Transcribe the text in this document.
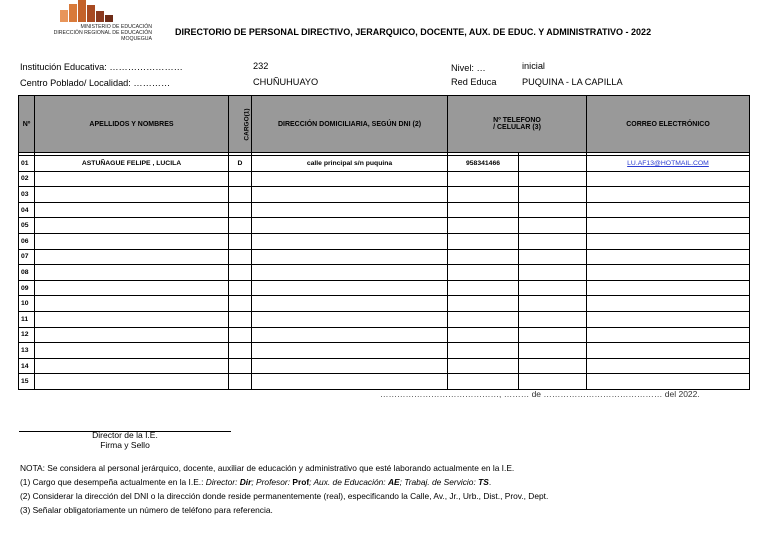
MINISTERIO DE EDUCACIÓN
DIRECCIÓN REGIONAL DE EDUCACIÓN
MOQUEGUA
DIRECTORIO DE PERSONAL DIRECTIVO, JERARQUICO, DOCENTE, AUX. DE EDUC. Y ADMINISTRATIVO - 2022
Institución Educativa: ……………………	232	Nivel: …	inicial
Centro Poblado/ Localidad: …………	CHUÑUHUAYO	Red Educa	PUQUINA - LA CAPILLA
Nº	APELLIDOS Y NOMBRES	CARGO(1)	DIRECCIÓN DOMICILIARIA, SEGÚN DNI (2)	Nº TELEFONO
/ CELULAR (3)		CORREO ELECTRÓNICO

01	ASTUÑAGUE FELIPE , LUCILA	D	calle principal s/n puquina	958341466		LU.AF13@HOTMAIL.COM
02						
03						
04						
05						
06						
07						
08						
09						
10						
11						
12						
13						
14						
15						
……………………………………, ……… de …………………………………… del 2022.
Director de la I.E.
Firma y Sello
NOTA: Se considera al personal jerárquico, docente, auxiliar de educación y administrativo que esté laborando actualmente en la I.E.
(1) Cargo que desempeña actualmente en la I.E.: Director: Dir; Profesor: Prof; Aux. de Educación: AE; Trabaj. de Servicio: TS.
(2) Considerar la dirección del DNI o la dirección donde reside permanentemente (real), especificando la Calle, Av., Jr., Urb., Dist., Prov., Dept.
(3) Señalar obligatoriamente un número de teléfono para referencia.
